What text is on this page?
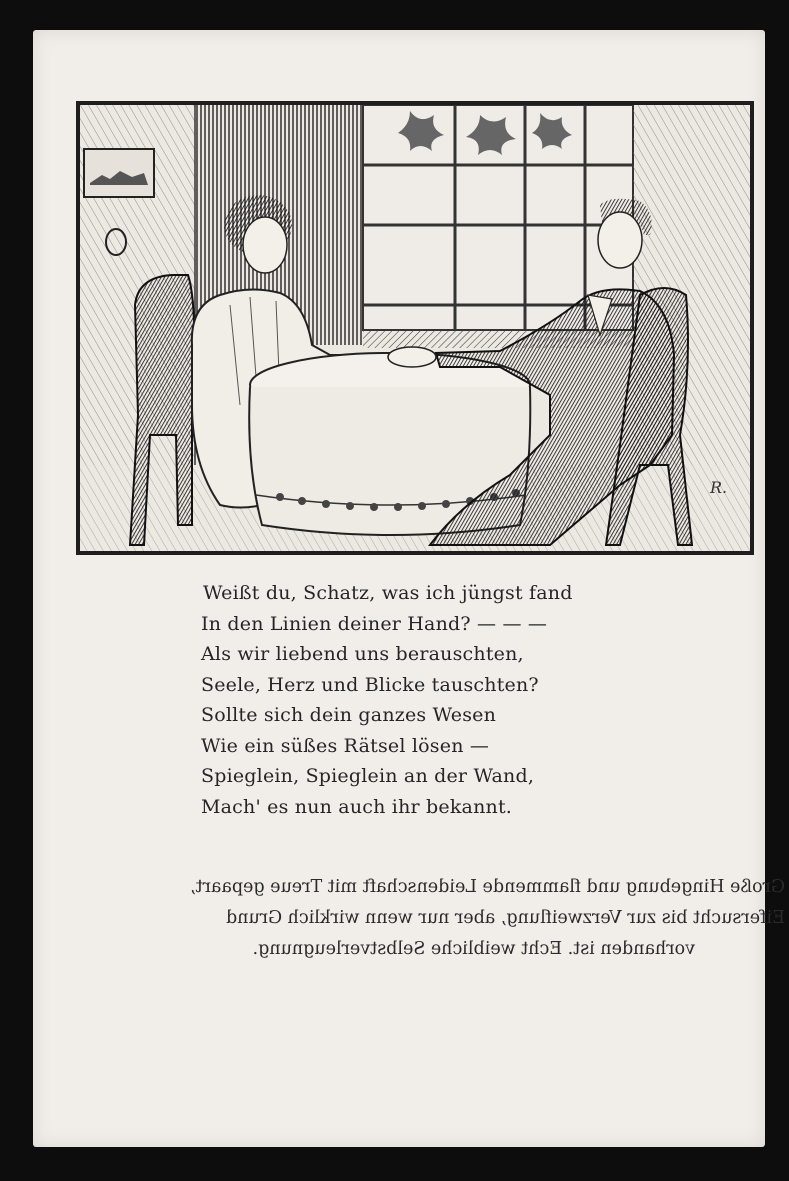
R.
Weißt du, Schatz, was ich jüngst fand
In den Linien deiner Hand? — — —
Als wir liebend uns berauschten,
Seele, Herz und Blicke tauschten?
Sollte sich dein ganzes Wesen
Wie ein süßes Rätsel lösen —
Spieglein, Spieglein an der Wand,
Mach' es nun auch ihr bekannt.
Große Hingebung und flammende Leidenschaft mit Treue gepaart,
Eifersucht bis zur Verzweiflung, aber nur wenn wirklich Grund
vorhanden ist. Echt weibliche Selbstverleugnung.
